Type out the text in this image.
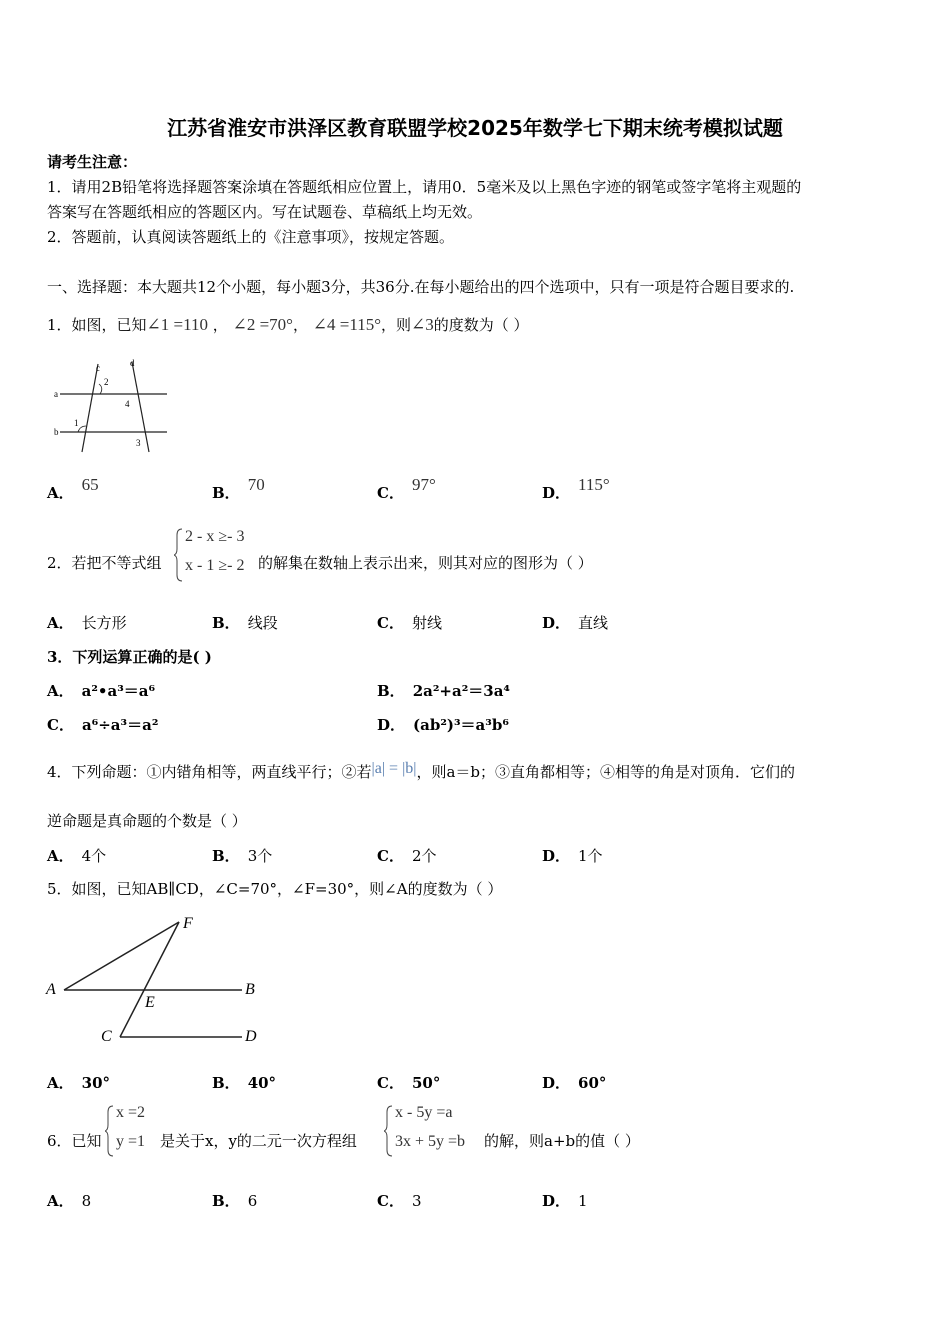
江苏省淮安市洪泽区教育联盟学校2025年数学七下期末统考模拟试题
请考生注意：
1．请用2B铅笔将选择题答案涂填在答题纸相应位置上，请用0．5毫米及以上黑色字迹的钢笔或签字笔将主观题的
答案写在答题纸相应的答题区内。写在试题卷、草稿纸上均无效。
2．答题前，认真阅读答题纸上的《注意事项》，按规定答题。
一、选择题：本大题共12个小题，每小题3分，共36分.在每小题给出的四个选项中，只有一项是符合题目要求的.
1．如图，已知∠1 =110 ， ∠2 =70°， ∠4 =115°，则∠3的度数为（ ）
c	d
a
b
1
2
3
4
A． 65	B． 70	C． 97°	D． 115°
2．若把不等式组
2 - x ≥- 3
x - 1 ≥- 2 的解集在数轴上表示出来，则其对应的图形为（ ）
A． 长方形	B． 线段	C． 射线	D． 直线
3．下列运算正确的是( )
A． a²•a³＝a⁶	B． 2a²+a²＝3a⁴
C． a⁶÷a³＝a²	D． (ab²)³＝a³b⁶
4．下列命题：①内错角相等，两直线平行；②若|a| = |b|，则a＝b；③直角都相等；④相等的角是对顶角．它们的
逆命题是真命题的个数是（ ）
A． 4个	B． 3个	C． 2个	D． 1个
5．如图，已知AB∥CD，∠C=70°，∠F=30°，则∠A的度数为（ ）
F
A	B
E
C	D
A． 30°	B． 40°	C． 50°	D． 60°
6．已知
x =2
y =1 是关于x，y的二元一次方程组
x - 5y =a
3x + 5y =b 的解，则a+b的值（ ）
A． 8	B． 6	C． 3	D． 1
